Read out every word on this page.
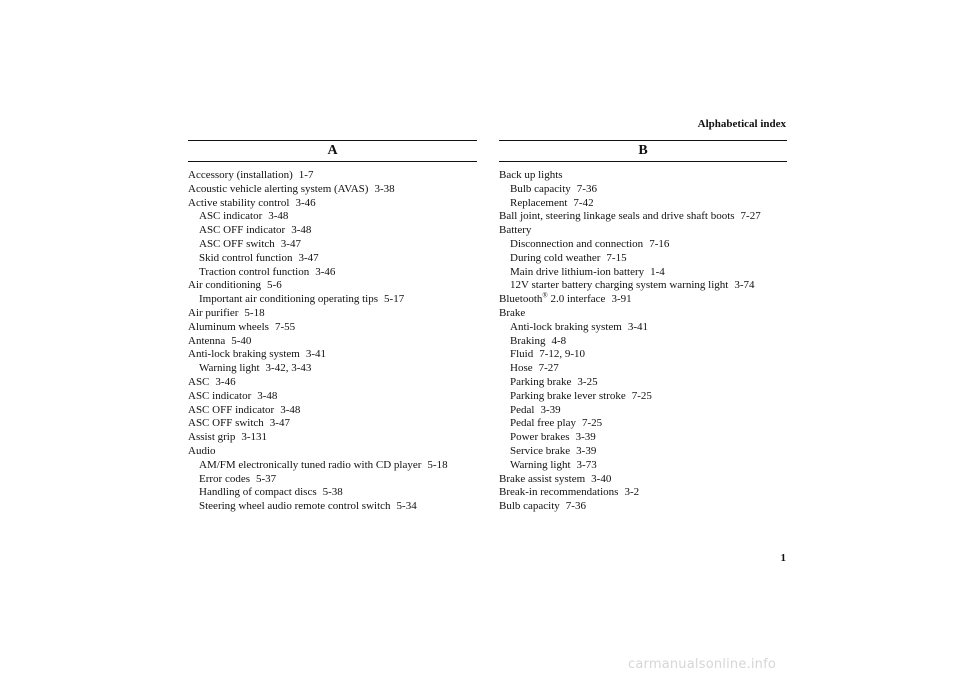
Alphabetical index
A
Accessory (installation) 1-7
Acoustic vehicle alerting system (AVAS) 3-38
Active stability control 3-46
ASC indicator 3-48
ASC OFF indicator 3-48
ASC OFF switch 3-47
Skid control function 3-47
Traction control function 3-46
Air conditioning 5-6
Important air conditioning operating tips 5-17
Air purifier 5-18
Aluminum wheels 7-55
Antenna 5-40
Anti-lock braking system 3-41
Warning light 3-42, 3-43
ASC 3-46
ASC indicator 3-48
ASC OFF indicator 3-48
ASC OFF switch 3-47
Assist grip 3-131
Audio
AM/FM electronically tuned radio with CD player 5-18
Error codes 5-37
Handling of compact discs 5-38
Steering wheel audio remote control switch 5-34
B
Back up lights
Bulb capacity 7-36
Replacement 7-42
Ball joint, steering linkage seals and drive shaft boots 7-27
Battery
Disconnection and connection 7-16
During cold weather 7-15
Main drive lithium-ion battery 1-4
12V starter battery charging system warning light 3-74
Bluetooth® 2.0 interface 3-91
Brake
Anti-lock braking system 3-41
Braking 4-8
Fluid 7-12, 9-10
Hose 7-27
Parking brake 3-25
Parking brake lever stroke 7-25
Pedal 3-39
Pedal free play 7-25
Power brakes 3-39
Service brake 3-39
Warning light 3-73
Brake assist system 3-40
Break-in recommendations 3-2
Bulb capacity 7-36
1
carmanualsonline.info
